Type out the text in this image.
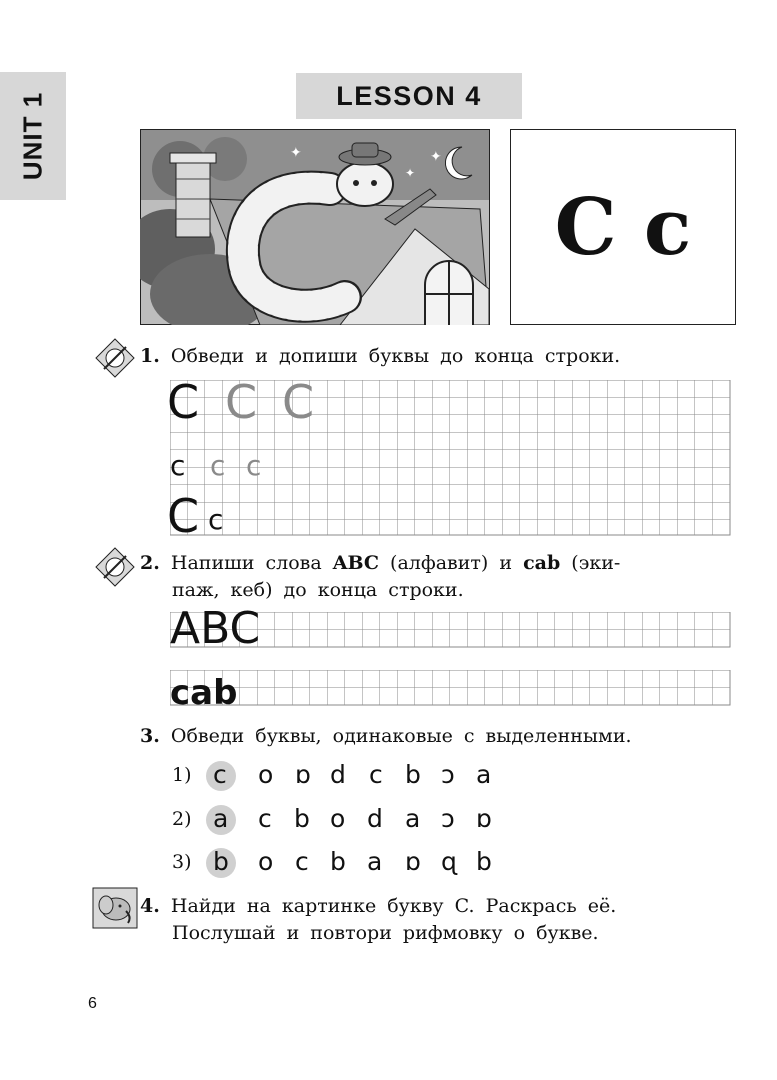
UNIT 1	LESSON 4
✦
✦
✦
C c
1. Обведи и допиши буквы до конца строки.
C C C
c c c
C c
2. Напиши слова ABC (алфавит) и cab (эки-
паж, кеб) до конца строки.
ABC
cab
3. Обведи буквы, одинаковые с выделенными.
1) c o ɒ d c b ɔ a
2) a c b o d a ɔ ɒ
3) b o c b a ɒ ɋ b
4. Найди на картинке букву C. Раскрась её.
Послушай и повтори рифмовку о букве.
6
